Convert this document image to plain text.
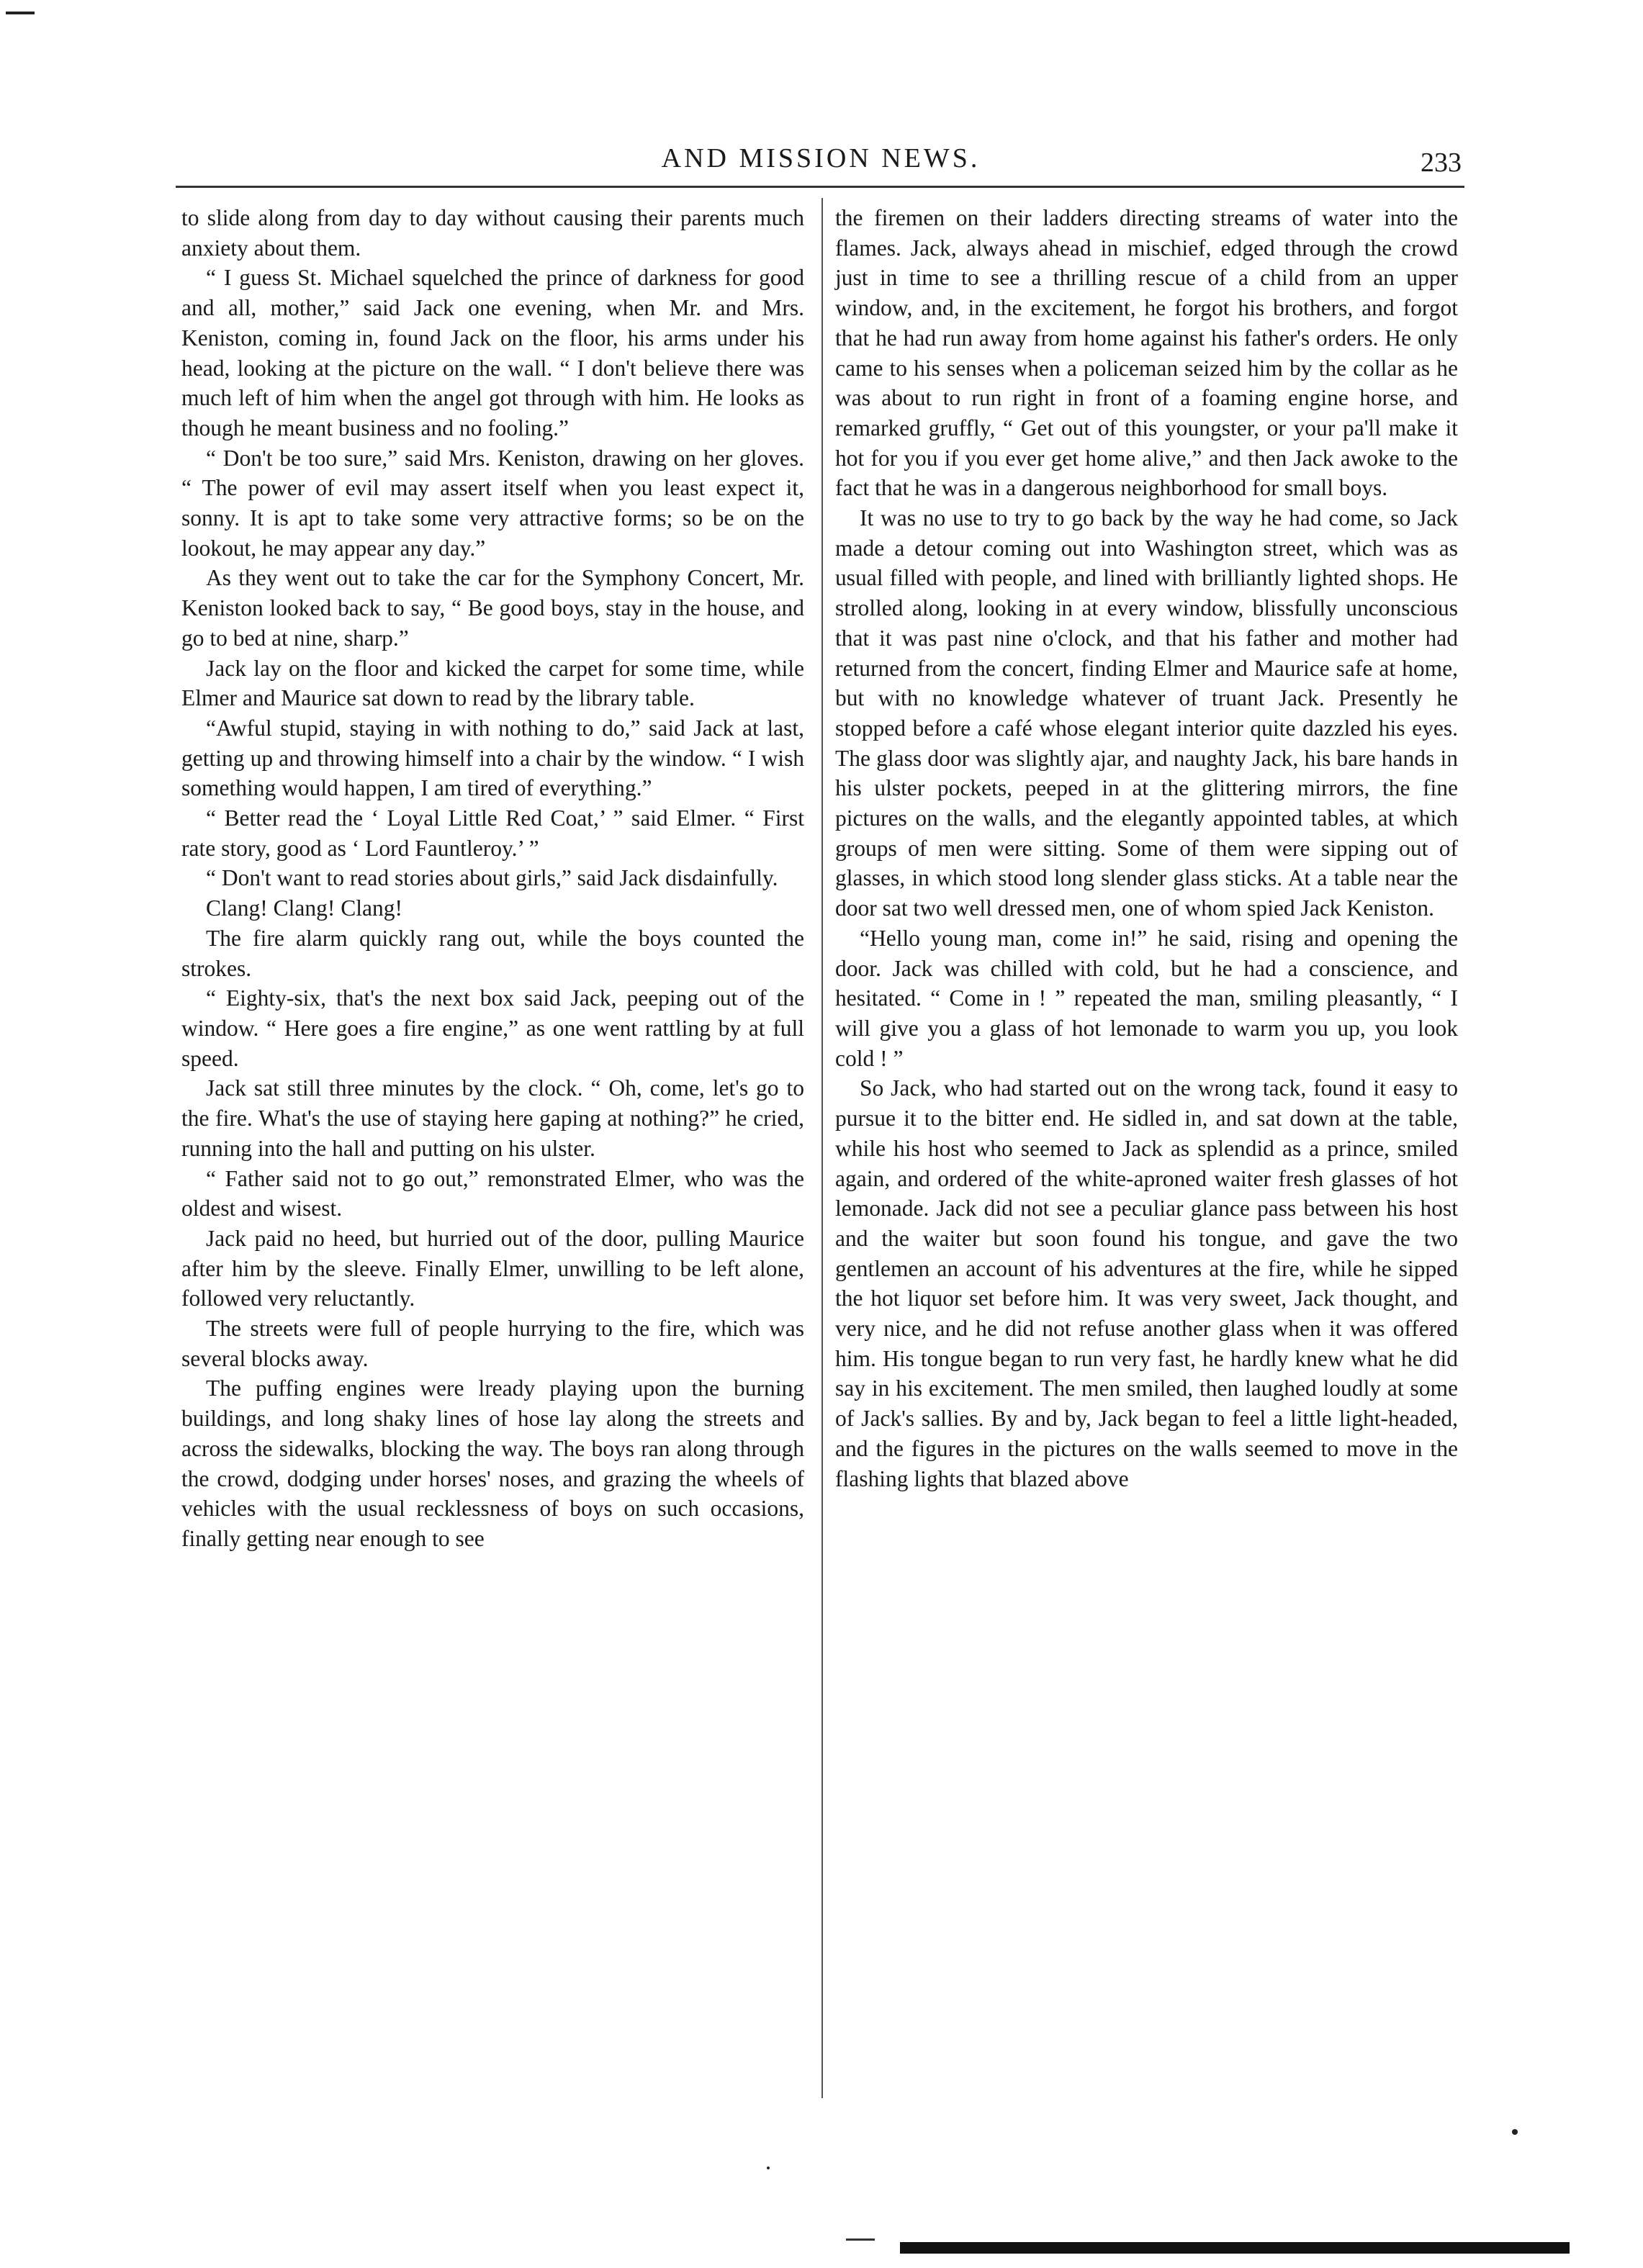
AND MISSION NEWS.	233

to slide along from day to day without causing their parents much anxiety about them.

“ I guess St. Michael squelched the prince of darkness for good and all, mother,” said Jack one evening, when Mr. and Mrs. Keniston, coming in, found Jack on the floor, his arms under his head, looking at the picture on the wall. “ I don't believe there was much left of him when the angel got through with him. He looks as though he meant business and no fooling.”

“ Don't be too sure,” said Mrs. Keniston, drawing on her gloves. “ The power of evil may assert itself when you least expect it, sonny. It is apt to take some very attractive forms; so be on the lookout, he may appear any day.”

As they went out to take the car for the Symphony Concert, Mr. Keniston looked back to say, “ Be good boys, stay in the house, and go to bed at nine, sharp.”

Jack lay on the floor and kicked the carpet for some time, while Elmer and Maurice sat down to read by the library table.

“Awful stupid, staying in with nothing to do,” said Jack at last, getting up and throwing himself into a chair by the window. “ I wish something would happen, I am tired of everything.”

“ Better read the ‘ Loyal Little Red Coat,’ ” said Elmer. “ First rate story, good as ‘ Lord Fauntleroy.’ ”

“ Don't want to read stories about girls,” said Jack disdainfully.

Clang! Clang! Clang!

The fire alarm quickly rang out, while the boys counted the strokes.

“ Eighty-six, that's the next box said Jack, peeping out of the window. “ Here goes a fire engine,” as one went rattling by at full speed.

Jack sat still three minutes by the clock. “ Oh, come, let's go to the fire. What's the use of staying here gaping at nothing?” he cried, running into the hall and putting on his ulster.

“ Father said not to go out,” remonstrated Elmer, who was the oldest and wisest.

Jack paid no heed, but hurried out of the door, pulling Maurice after him by the sleeve. Finally Elmer, unwilling to be left alone, followed very reluctantly.

The streets were full of people hurrying to the fire, which was several blocks away.

The puffing engines were lready playing upon the burning buildings, and long shaky lines of hose lay along the streets and across the sidewalks, blocking the way. The boys ran along through the crowd, dodging under horses' noses, and grazing the wheels of vehicles with the usual recklessness of boys on such occasions, finally getting near enough to see

the firemen on their ladders directing streams of water into the flames. Jack, always ahead in mischief, edged through the crowd just in time to see a thrilling rescue of a child from an upper window, and, in the excitement, he forgot his brothers, and forgot that he had run away from home against his father's orders. He only came to his senses when a policeman seized him by the collar as he was about to run right in front of a foaming engine horse, and remarked gruffly, “ Get out of this youngster, or your pa'll make it hot for you if you ever get home alive,” and then Jack awoke to the fact that he was in a dangerous neighborhood for small boys.

It was no use to try to go back by the way he had come, so Jack made a detour coming out into Washington street, which was as usual filled with people, and lined with brilliantly lighted shops. He strolled along, looking in at every window, blissfully unconscious that it was past nine o'clock, and that his father and mother had returned from the concert, finding Elmer and Maurice safe at home, but with no knowledge whatever of truant Jack. Presently he stopped before a café whose elegant interior quite dazzled his eyes. The glass door was slightly ajar, and naughty Jack, his bare hands in his ulster pockets, peeped in at the glittering mirrors, the fine pictures on the walls, and the elegantly appointed tables, at which groups of men were sitting. Some of them were sipping out of glasses, in which stood long slender glass sticks. At a table near the door sat two well dressed men, one of whom spied Jack Keniston.

“Hello young man, come in!” he said, rising and opening the door. Jack was chilled with cold, but he had a conscience, and hesitated. “ Come in ! ” repeated the man, smiling pleasantly, “ I will give you a glass of hot lemonade to warm you up, you look cold ! ”

So Jack, who had started out on the wrong tack, found it easy to pursue it to the bitter end. He sidled in, and sat down at the table, while his host who seemed to Jack as splendid as a prince, smiled again, and ordered of the white-aproned waiter fresh glasses of hot lemonade. Jack did not see a peculiar glance pass between his host and the waiter but soon found his tongue, and gave the two gentlemen an account of his adventures at the fire, while he sipped the hot liquor set before him. It was very sweet, Jack thought, and very nice, and he did not refuse another glass when it was offered him. His tongue began to run very fast, he hardly knew what he did say in his excitement. The men smiled, then laughed loudly at some of Jack's sallies. By and by, Jack began to feel a little light-headed, and the figures in the pictures on the walls seemed to move in the flashing lights that blazed above
